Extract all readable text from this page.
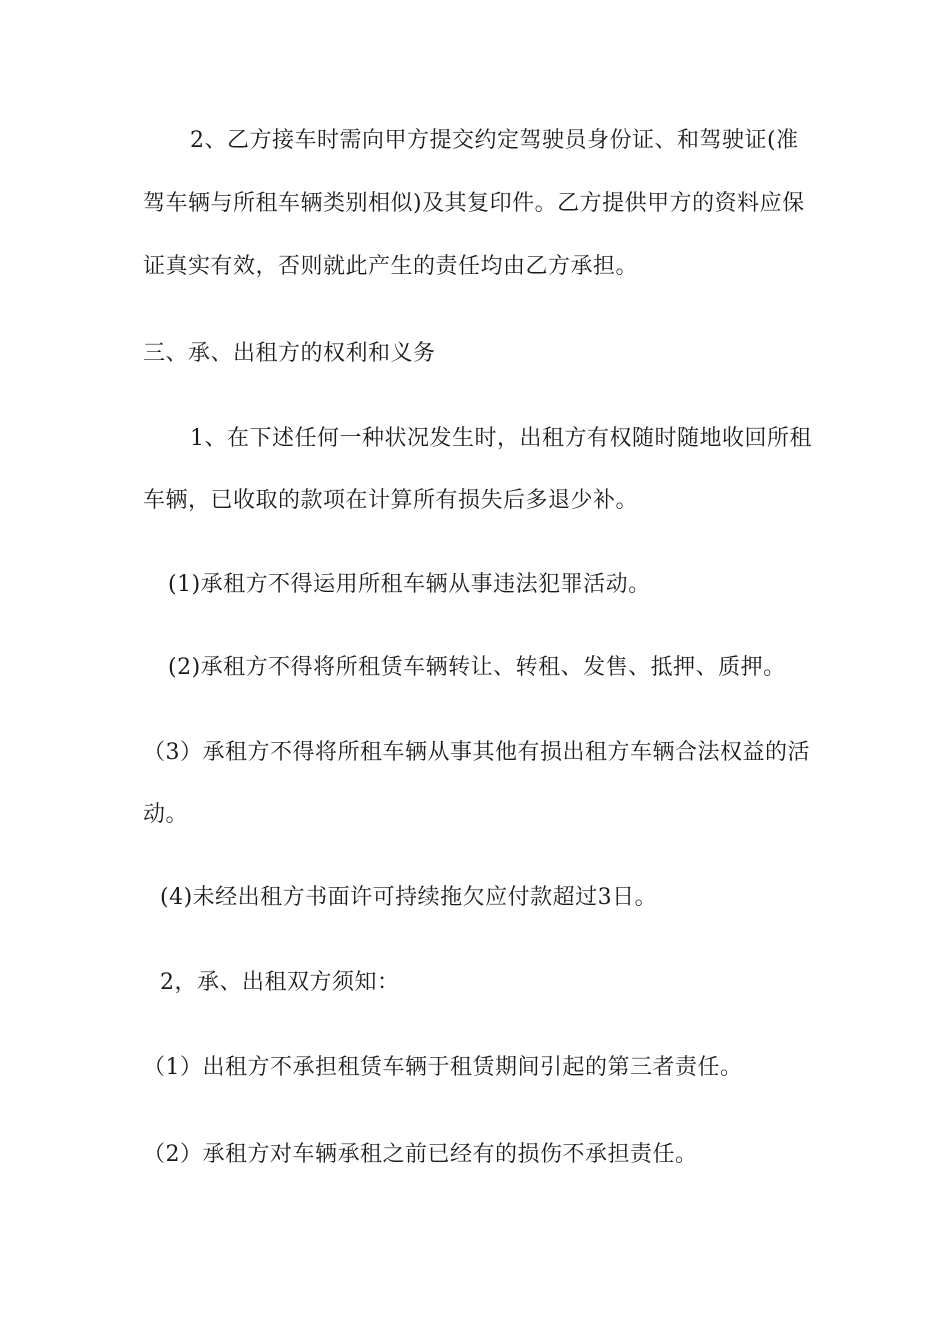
2、乙方接车时需向甲方提交约定驾驶员身份证、和驾驶证(准
驾车辆与所租车辆类别相似)及其复印件。乙方提供甲方的资料应保
证真实有效，否则就此产生的责任均由乙方承担。
三、承、出租方的权利和义务
1、在下述任何一种状况发生时，出租方有权随时随地收回所租
车辆，已收取的款项在计算所有损失后多退少补。
(1)承租方不得运用所租车辆从事违法犯罪活动。
(2)承租方不得将所租赁车辆转让、转租、发售、抵押、质押。
（3）承租方不得将所租车辆从事其他有损出租方车辆合法权益的活
动。
(4)未经出租方书面许可持续拖欠应付款超过3日。
2，承、出租双方须知：
（1）出租方不承担租赁车辆于租赁期间引起的第三者责任。
（2）承租方对车辆承租之前已经有的损伤不承担责任。
